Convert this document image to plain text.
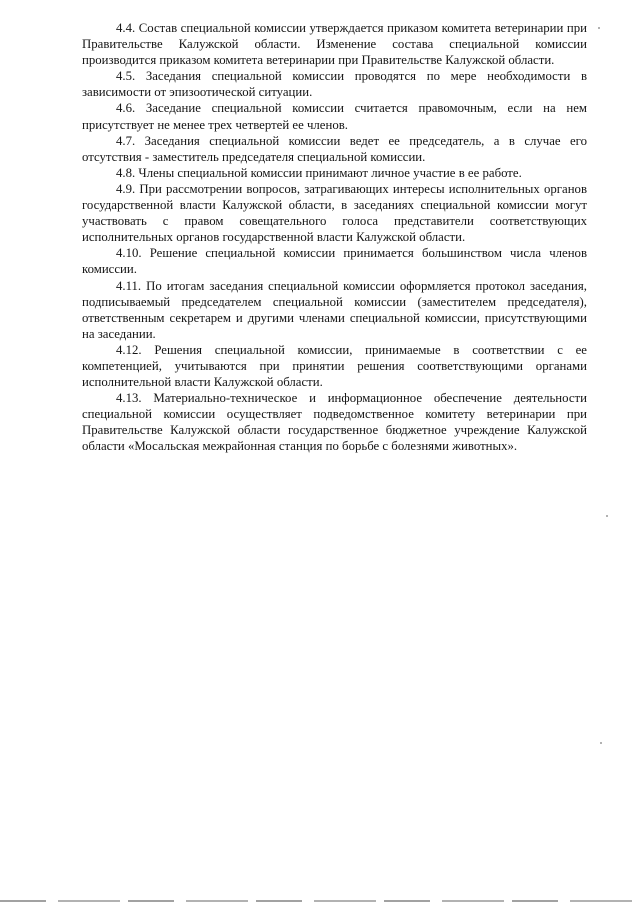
4.4. Состав специальной комиссии утверждается приказом комитета ветеринарии при Правительстве Калужской области. Изменение состава специальной комиссии производится приказом комитета ветеринарии при Правительстве Калужской области.

4.5. Заседания специальной комиссии проводятся по мере необходимости в зависимости от эпизоотической ситуации.

4.6. Заседание специальной комиссии считается правомочным, если на нем присутствует не менее трех четвертей ее членов.

4.7. Заседания специальной комиссии ведет ее председатель, а в случае его отсутствия - заместитель председателя специальной комиссии.

4.8. Члены специальной комиссии принимают личное участие в ее работе.

4.9. При рассмотрении вопросов, затрагивающих интересы исполнительных органов государственной власти Калужской области, в заседаниях специальной комиссии могут участвовать с правом совещательного голоса представители соответствующих исполнительных органов государственной власти Калужской области.

4.10. Решение специальной комиссии принимается большинством числа членов комиссии.

4.11. По итогам заседания специальной комиссии оформляется протокол заседания, подписываемый председателем специальной комиссии (заместителем председателя), ответственным секретарем и другими членами специальной комиссии, присутствующими на заседании.

4.12. Решения специальной комиссии, принимаемые в соответствии с ее компетенцией, учитываются при принятии решения соответствующими органами исполнительной власти Калужской области.

4.13. Материально-техническое и информационное обеспечение деятельности специальной комиссии осуществляет подведомственное комитету ветеринарии при Правительстве Калужской области государственное бюджетное учреждение Калужской области «Мосальская межрайонная станция по борьбе с болезнями животных».
